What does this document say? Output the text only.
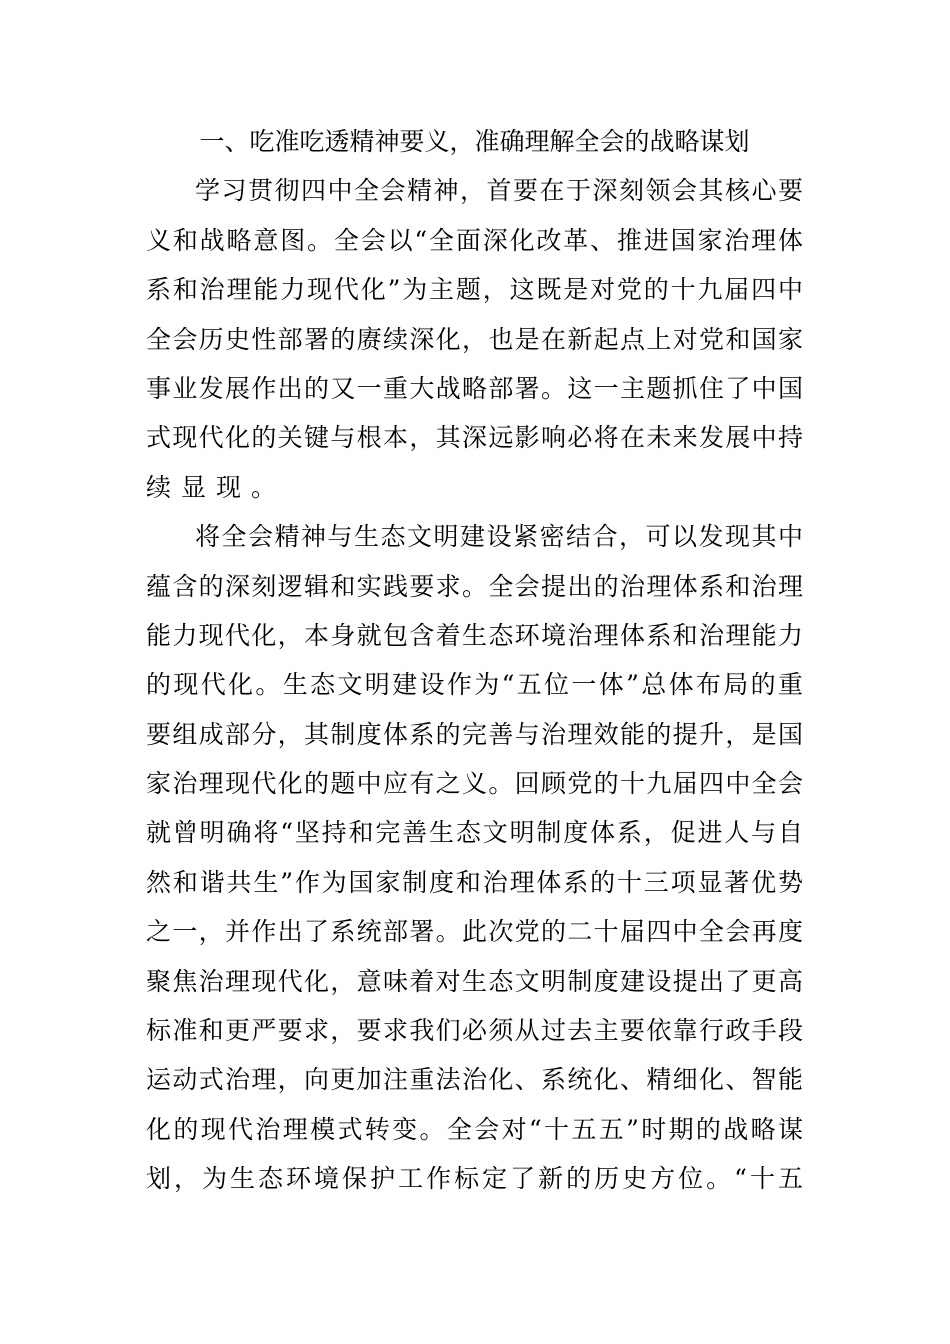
一、吃准吃透精神要义，准确理解全会的战略谋划
学习贯彻四中全会精神，首要在于深刻领会其核心要
义和战略意图。全会以“全面深化改革、推进国家治理体
系和治理能力现代化”为主题，这既是对党的十九届四中
全会历史性部署的赓续深化，也是在新起点上对党和国家
事业发展作出的又一重大战略部署。这一主题抓住了中国
式现代化的关键与根本，其深远影响必将在未来发展中持
续显现。
将全会精神与生态文明建设紧密结合，可以发现其中
蕴含的深刻逻辑和实践要求。全会提出的治理体系和治理
能力现代化，本身就包含着生态环境治理体系和治理能力
的现代化。生态文明建设作为“五位一体”总体布局的重
要组成部分，其制度体系的完善与治理效能的提升，是国
家治理现代化的题中应有之义。回顾党的十九届四中全会
就曾明确将“坚持和完善生态文明制度体系，促进人与自
然和谐共生”作为国家制度和治理体系的十三项显著优势
之一，并作出了系统部署。此次党的二十届四中全会再度
聚焦治理现代化，意味着对生态文明制度建设提出了更高
标准和更严要求，要求我们必须从过去主要依靠行政手段
运动式治理，向更加注重法治化、系统化、精细化、智能
化的现代治理模式转变。全会对“十五五”时期的战略谋
划，为生态环境保护工作标定了新的历史方位。“十五
